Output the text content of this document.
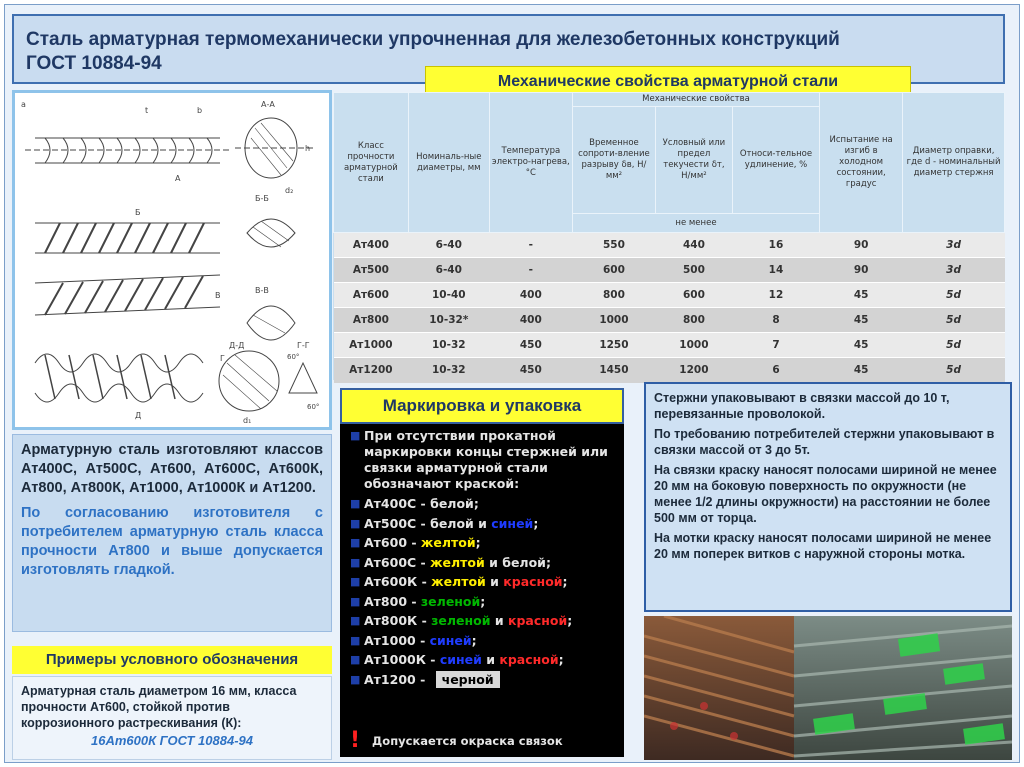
Сталь арматурная термомеханически упрочненная для железобетонных конструкций
ГОСТ 10884-94
Механические свойства арматурной стали
а
t	b
А
А-А
d₂
h
Б-Б
Б
В-В
В
Д
Д-Д
d₁
Г-Г
60°
60°
Г
Класс прочности арматурной стали	Номиналь-ные диаметры, мм	Температура электро-нагрева, °С	Механические свойства			Испытание на изгиб в холодном состоянии, градус	Диаметр оправки, где d - номинальный диаметр стержня
			Временное сопроти-вление разрыву δв, Н/мм²	Условный или предел текучести δт, Н/мм²	Относи-тельное удлинение, %		
			не менее				
Ат400	6-40	-	550	440	16	90	3d
Ат500	6-40	-	600	500	14	90	3d
Ат600	10-40	400	800	600	12	45	5d
Ат800	10-32*	400	1000	800	8	45	5d
Ат1000	10-32	450	1250	1000	7	45	5d
Ат1200	10-32	450	1450	1200	6	45	5d

Арматурную сталь изготовляют классов Ат400С, Ат500С, Ат600, Ат600С, Ат600К, Ат800, Ат800К, Ат1000, Ат1000К и Ат1200.

По согласованию изготовителя с потребителем арматурную сталь класса прочности Ат800 и выше допускается изготовлять гладкой.

Примеры условного обозначения
Арматурная сталь диаметром 16 мм, класса прочности Ат600, стойкой против коррозионного растрескивания (К):
16Ат600К ГОСТ 10884-94
Маркировка и упаковка
■ При отсутствии прокатной маркировки концы стержней или связки арматурной стали обозначают краской:
■ Ат400С - белой;
■ Ат500С - белой и синей;
■ Ат600 - желтой;
■ Ат600С - желтой и белой;
■ Ат600К - желтой и красной;
■ Ат800 - зеленой;
■ Ат800К - зеленой и красной;
■ Ат1000 - синей;
■ Ат1000К - синей и красной;
■ Ат1200 - черной
! Допускается окраска связок

Стержни упаковывают в связки массой до 10 т, перевязанные проволокой.

По требованию потребителей стержни упаковывают в связки массой от 3 до 5т.

На связки краску наносят полосами шириной не менее 20 мм на боковую поверхность по окружности (не менее 1/2 длины окружности) на расстоянии не более 500 мм от торца.

На мотки краску наносят полосами шириной не менее 20 мм поперек витков с наружной стороны мотка.
